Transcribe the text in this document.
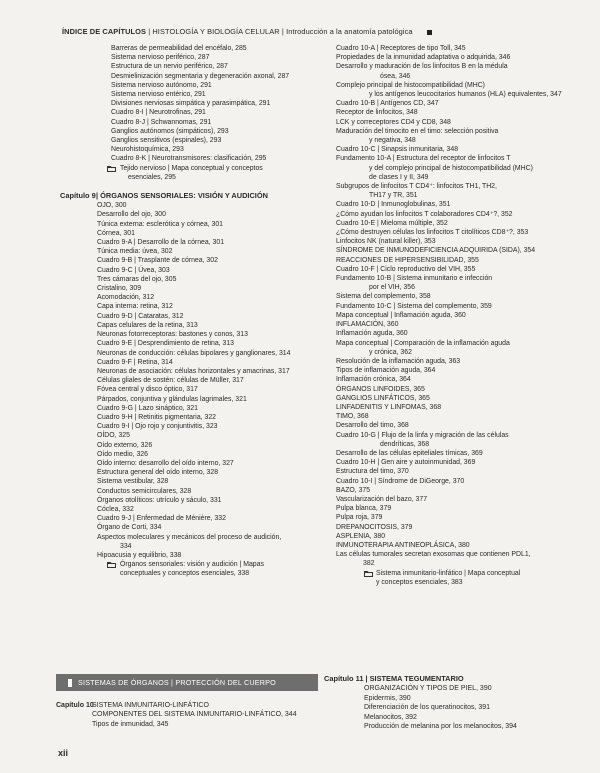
ÍNDICE DE CAPÍTULOS | HISTOLOGÍA Y BIOLOGÍA CELULAR | Introducción a la anatomía patológica
Barreras de permeabilidad del encéfalo, 285
Sistema nervioso periférico, 287
Estructura de un nervio periférico, 287
Desmielinización segmentaria y degeneración axonal, 287
Sistema nervioso autónomo, 291
Sistema nervioso entérico, 291
Divisiones nerviosas simpática y parasimpática, 291
Cuadro 8-I | Neurotrofinas, 291
Cuadro 8-J | Schwannomas, 291
Ganglios autónomos (simpáticos), 293
Ganglios sensitivos (espinales), 293
Neurohistoquímica, 293
Cuadro 8-K | Neurotransmisores: clasificación, 295
Tejido nervioso | Mapa conceptual y conceptos
esenciales, 295
Capítulo 9| ÓRGANOS SENSORIALES: VISIÓN Y AUDICIÓN
OJO, 300
Desarrollo del ojo, 300
Túnica externa: esclerótica y córnea, 301
Córnea, 301
Cuadro 9-A | Desarrollo de la córnea, 301
Túnica media: úvea, 302
Cuadro 9-B | Trasplante de córnea, 302
Cuadro 9-C | Úvea, 303
Tres cámaras del ojo, 305
Cristalino, 309
Acomodación, 312
Capa interna: retina, 312
Cuadro 9-D | Cataratas, 312
Capas celulares de la retina, 313
Neuronas fotorreceptoras: bastones y conos, 313
Cuadro 9-E | Desprendimiento de retina, 313
Neuronas de conducción: células bipolares y ganglionares, 314
Cuadro 9-F | Retina, 314
Neuronas de asociación: células horizontales y amacrinas, 317
Células gliales de sostén: células de Müller, 317
Fóvea central y disco óptico, 317
Párpados, conjuntiva y glándulas lagrimales, 321
Cuadro 9-G | Lazo sináptico, 321
Cuadro 9-H | Retinitis pigmentaria, 322
Cuadro 9-I | Ojo rojo y conjuntivitis, 323
OÍDO, 325
Oído externo, 326
Oído medio, 326
Oído interno: desarrollo del oído interno, 327
Estructura general del oído interno, 328
Sistema vestibular, 328
Conductos semicirculares, 328
Órganos otolíticos: utrículo y sáculo, 331
Cóclea, 332
Cuadro 9-J | Enfermedad de Ménière, 332
Órgano de Corti, 334
Aspectos moleculares y mecánicos del proceso de audición,
334
Hipoacusia y equilibrio, 338
Órganos sensoriales: visión y audición | Mapas
conceptuales y conceptos esenciales, 338
Cuadro 10-A | Receptores de tipo Toll, 345
Propiedades de la inmunidad adaptativa o adquirida, 346
Desarrollo y maduración de los linfocitos B en la médula
ósea, 346
Complejo principal de histocompatibilidad (MHC)
y los antígenos leucocitarios humanos (HLA) equivalentes, 347
Cuadro 10-B | Antígenos CD, 347
Receptor de linfocitos, 348
LCK y correceptores CD4 y CD8, 348
Maduración del timocito en el timo: selección positiva
y negativa, 348
Cuadro 10-C | Sinapsis inmunitaria, 348
Fundamento 10-A | Estructura del receptor de linfocitos T
y del complejo principal de histocompatibilidad (MHC)
de clases I y II, 349
Subgrupos de linfocitos T CD4⁺: linfocitos TH1, TH2,
TH17 y TR, 351
Cuadro 10-D | Inmunoglobulinas, 351
¿Cómo ayudan los linfocitos T colaboradores CD4⁺?, 352
Cuadro 10-E | Mieloma múltiple, 352
¿Cómo destruyen células los linfocitos T citolíticos CD8⁺?, 353
Linfocitos NK (natural killer), 353
SÍNDROME DE INMUNODEFICIENCIA ADQUIRIDA (SIDA), 354
REACCIONES DE HIPERSENSIBILIDAD, 355
Cuadro 10-F | Ciclo reproductivo del VIH, 355
Fundamento 10-B | Sistema inmunitario e infección
por el VIH, 356
Sistema del complemento, 358
Fundamento 10-C | Sistema del complemento, 359
Mapa conceptual | Inflamación aguda, 360
INFLAMACIÓN, 360
Inflamación aguda, 360
Mapa conceptual | Comparación de la inflamación aguda
y crónica, 362
Resolución de la inflamación aguda, 363
Tipos de inflamación aguda, 364
Inflamación crónica, 364
ÓRGANOS LINFOIDES, 365
GANGLIOS LINFÁTICOS, 365
LINFADENITIS Y LINFOMAS, 368
TIMO, 368
Desarrollo del timo, 368
Cuadro 10-G | Flujo de la linfa y migración de las células
dendríticas, 368
Desarrollo de las células epiteliales tímicas, 369
Cuadro 10-H | Gen aire y autoinmunidad, 369
Estructura del timo, 370
Cuadro 10-I | Síndrome de DiGeorge, 370
BAZO, 375
Vascularización del bazo, 377
Pulpa blanca, 379
Pulpa roja, 379
DREPANOCITOSIS, 379
ASPLENIA, 380
INMUNOTERAPIA ANTINEOPLÁSICA, 380
Las células tumorales secretan exosomas que contienen PDL1,
382
Sistema inmunitario-linfático | Mapa conceptual
y conceptos esenciales, 383
SISTEMAS DE ÓRGANOS | PROTECCIÓN DEL CUERPO
Capítulo 10SISTEMA INMUNITARIO-LINFÁTICO
COMPONENTES DEL SISTEMA INMUNITARIO-LINFÁTICO, 344
Tipos de inmunidad, 345
Capítulo 11 | SISTEMA TEGUMENTARIO
ORGANIZACIÓN Y TIPOS DE PIEL, 390
Epidermis, 390
Diferenciación de los queratinocitos, 391
Melanocitos, 392
Producción de melanina por los melanocitos, 394
xii
